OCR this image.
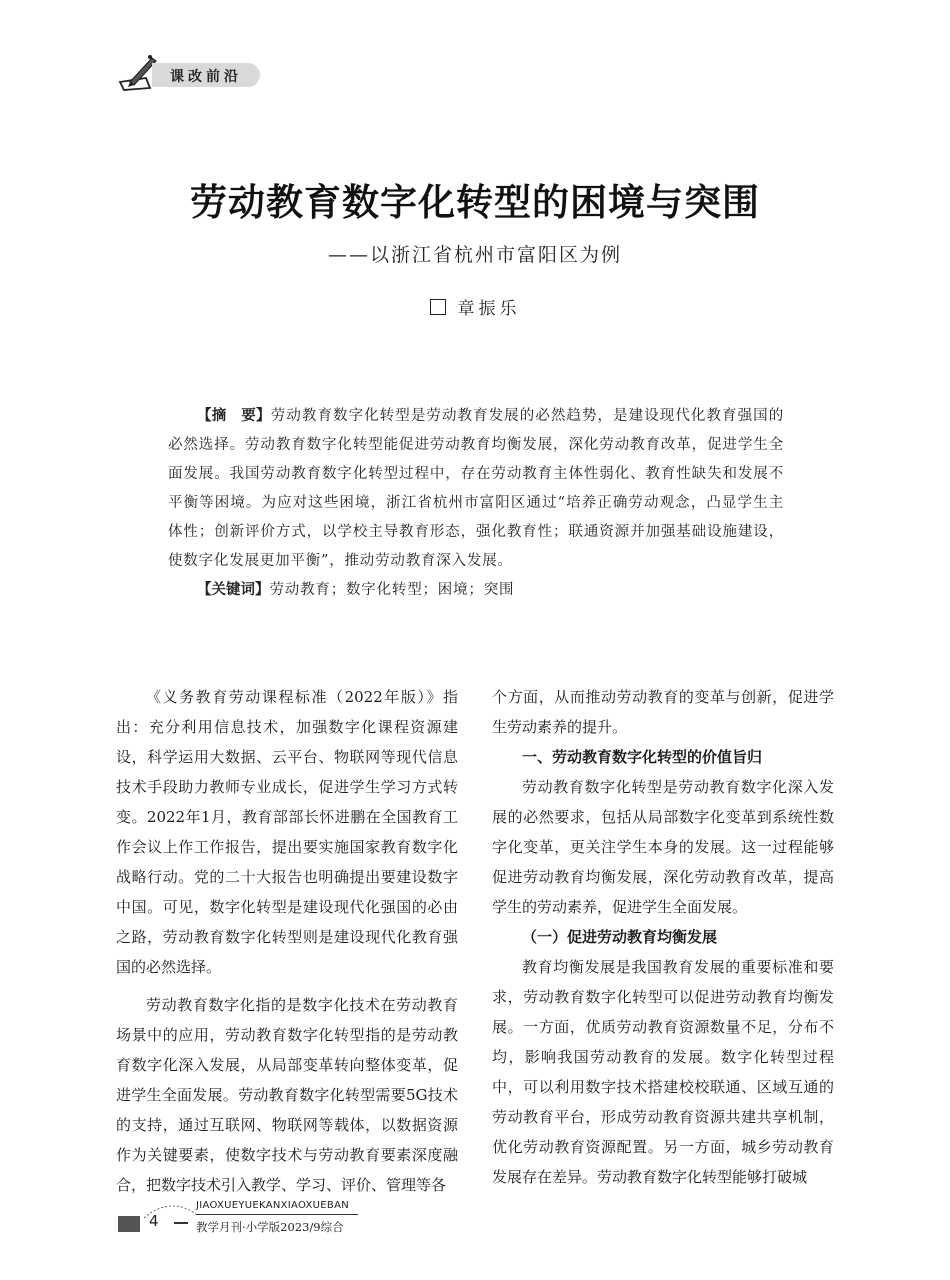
课改前沿
劳动教育数字化转型的困境与突围
——以浙江省杭州市富阳区为例
章振乐

【摘　要】劳动教育数字化转型是劳动教育发展的必然趋势，是建设现代化教育强国的必然选择。劳动教育数字化转型能促进劳动教育均衡发展，深化劳动教育改革，促进学生全面发展。我国劳动教育数字化转型过程中，存在劳动教育主体性弱化、教育性缺失和发展不平衡等困境。为应对这些困境，浙江省杭州市富阳区通过“培养正确劳动观念，凸显学生主体性；创新评价方式，以学校主导教育形态，强化教育性；联通资源并加强基础设施建设，使数字化发展更加平衡”，推动劳动教育深入发展。

【关键词】劳动教育；数字化转型；困境；突围

《义务教育劳动课程标准（2022年版）》指出：充分利用信息技术，加强数字化课程资源建设，科学运用大数据、云平台、物联网等现代信息技术手段助力教师专业成长，促进学生学习方式转变。2022年1月，教育部部长怀进鹏在全国教育工作会议上作工作报告，提出要实施国家教育数字化战略行动。党的二十大报告也明确提出要建设数字中国。可见，数字化转型是建设现代化强国的必由之路，劳动教育数字化转型则是建设现代化教育强国的必然选择。

劳动教育数字化指的是数字化技术在劳动教育场景中的应用，劳动教育数字化转型指的是劳动教育数字化深入发展，从局部变革转向整体变革，促进学生全面发展。劳动教育数字化转型需要5G技术的支持，通过互联网、物联网等载体，以数据资源作为关键要素，使数字技术与劳动教育要素深度融合，把数字技术引入教学、学习、评价、管理等各

个方面，从而推动劳动教育的变革与创新，促进学生劳动素养的提升。

一、劳动教育数字化转型的价值旨归

劳动教育数字化转型是劳动教育数字化深入发展的必然要求，包括从局部数字化变革到系统性数字化变革，更关注学生本身的发展。这一过程能够促进劳动教育均衡发展，深化劳动教育改革，提高学生的劳动素养，促进学生全面发展。

（一）促进劳动教育均衡发展

教育均衡发展是我国教育发展的重要标准和要求，劳动教育数字化转型可以促进劳动教育均衡发展。一方面，优质劳动教育资源数量不足，分布不均，影响我国劳动教育的发展。数字化转型过程中，可以利用数字技术搭建校校联通、区域互通的劳动教育平台，形成劳动教育资源共建共享机制，优化劳动教育资源配置。另一方面，城乡劳动教育发展存在差异。劳动教育数字化转型能够打破城

4
JIAOXUEYUEKANXIAOXUEBAN
教学月刊·小学版2023/9综合
